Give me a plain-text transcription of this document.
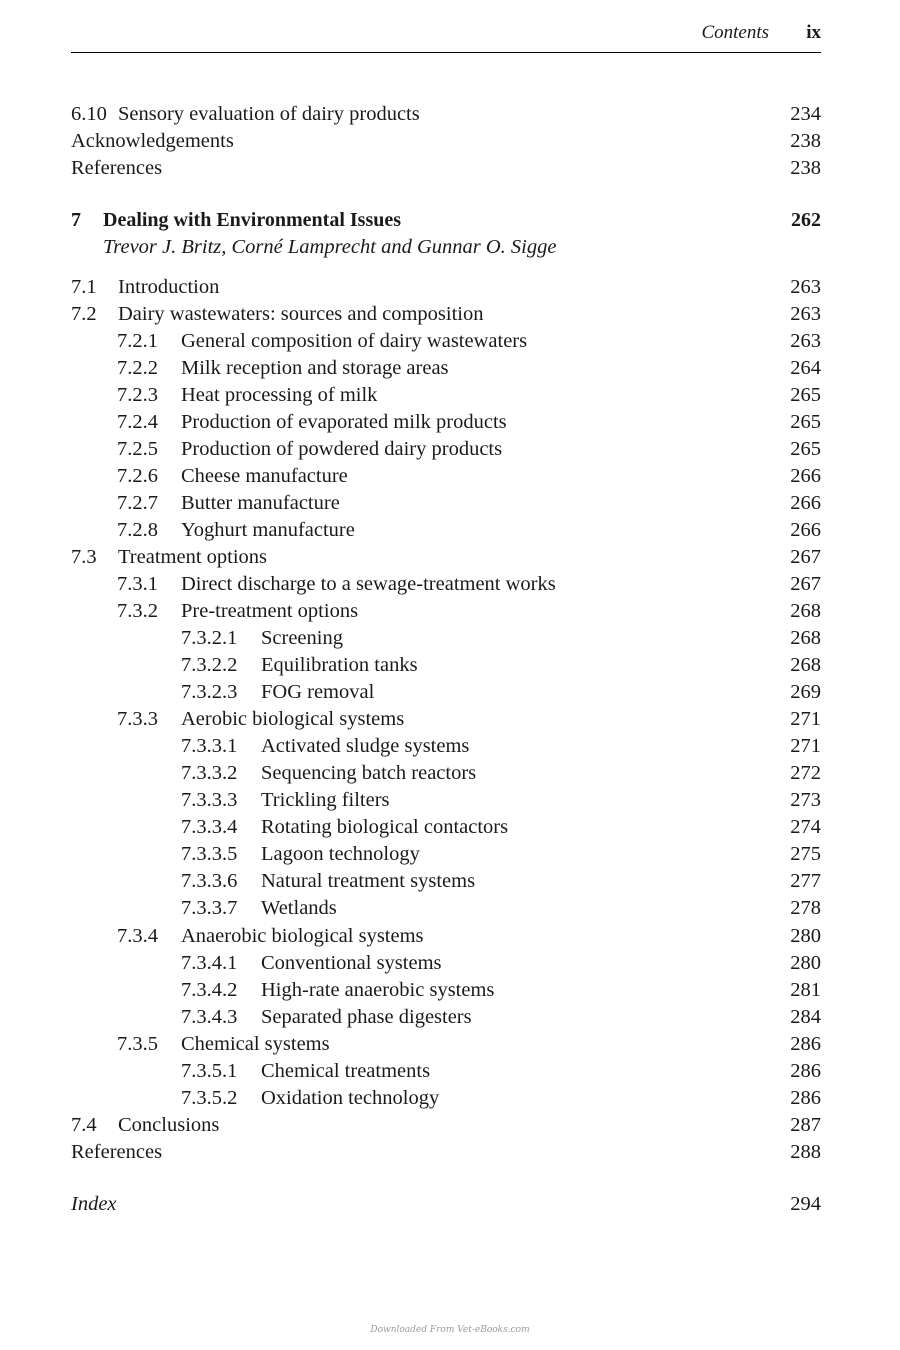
Contents ix
6.10 Sensory evaluation of dairy products	234
Acknowledgements	238
References	238
7 Dealing with Environmental Issues	262
Trevor J. Britz, Corné Lamprecht and Gunnar O. Sigge
7.1 Introduction	263
7.2 Dairy wastewaters: sources and composition	263
7.2.1 General composition of dairy wastewaters	263
7.2.2 Milk reception and storage areas	264
7.2.3 Heat processing of milk	265
7.2.4 Production of evaporated milk products	265
7.2.5 Production of powdered dairy products	265
7.2.6 Cheese manufacture	266
7.2.7 Butter manufacture	266
7.2.8 Yoghurt manufacture	266
7.3 Treatment options	267
7.3.1 Direct discharge to a sewage-treatment works	267
7.3.2 Pre-treatment options	268
7.3.2.1 Screening	268
7.3.2.2 Equilibration tanks	268
7.3.2.3 FOG removal	269
7.3.3 Aerobic biological systems	271
7.3.3.1 Activated sludge systems	271
7.3.3.2 Sequencing batch reactors	272
7.3.3.3 Trickling filters	273
7.3.3.4 Rotating biological contactors	274
7.3.3.5 Lagoon technology	275
7.3.3.6 Natural treatment systems	277
7.3.3.7 Wetlands	278
7.3.4 Anaerobic biological systems	280
7.3.4.1 Conventional systems	280
7.3.4.2 High-rate anaerobic systems	281
7.3.4.3 Separated phase digesters	284
7.3.5 Chemical systems	286
7.3.5.1 Chemical treatments	286
7.3.5.2 Oxidation technology	286
7.4 Conclusions	287
References	288
Index	294
Downloaded From Vet-eBooks.com
